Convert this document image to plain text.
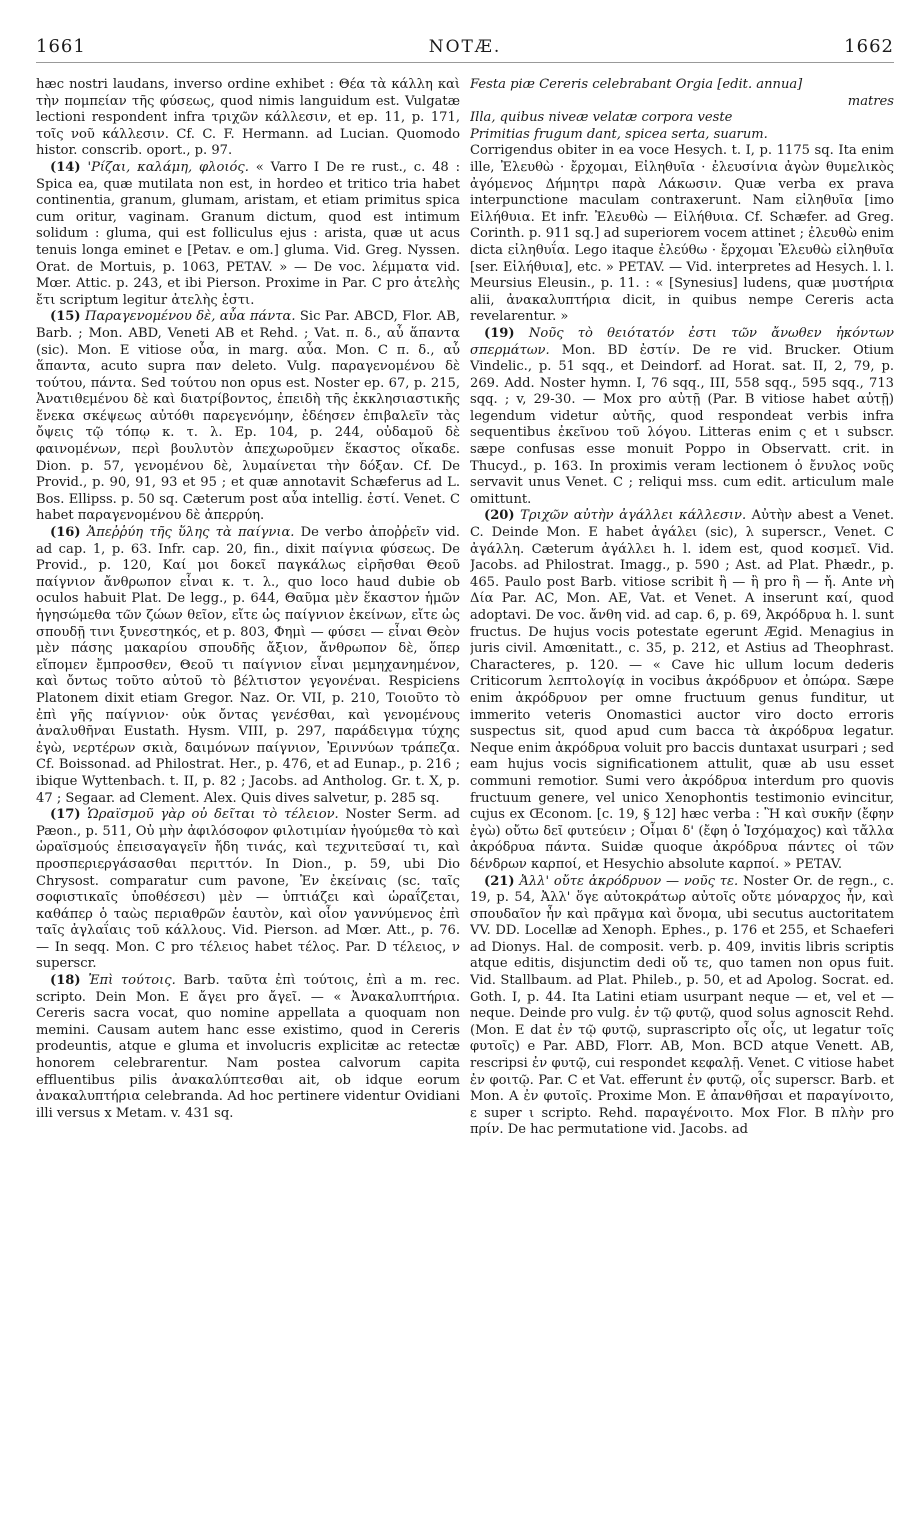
1661	NOTÆ.	1662

hæc nostri laudans, inverso ordine exhibet : Θέα τὰ κάλλη καὶ τὴν πομπείαν τῆς φύσεως, quod nimis languidum est. Vulgatæ lectioni respondent infra τριχῶν κάλλεσιν, et ep. 11, p. 171, τοῖς νοῦ κάλλεσιν. Cf. C. F. Hermann. ad Lucian. Quomodo histor. conscrib. oport., p. 97.

(14) 'Ρίζαι, καλάμη, φλοιός. « Varro I De re rust., c. 48 : Spica ea, quæ mutilata non est, in hordeo et tritico tria habet continentia, granum, glumam, aristam, et etiam primitus spica cum oritur, vaginam. Granum dictum, quod est intimum solidum : gluma, qui est folliculus ejus : arista, quæ ut acus tenuis longa eminet e [Petav. e om.] gluma. Vid. Greg. Nyssen. Orat. de Mortuis, p. 1063, PETAV. » — De voc. λέμματα vid. Mœr. Attic. p. 243, et ibi Pierson. Proxime in Par. C pro ἀτελὴς ἔτι scriptum legitur ἀτελὴς ἐστι.

(15) Παραγενομένου δὲ, αὖα πάντα. Sic Par. ABCD, Flor. AB, Barb. ; Mon. ABD, Veneti AB et Rehd. ; Vat. π. δ., αὖ ἅπαντα (sic). Mon. E vitiose οὖα, in marg. αὖα. Mon. C π. δ., αὖ ἅπαντα, acuto supra παν deleto. Vulg. παραγενομένου δὲ τούτου, πάντα. Sed τούτου non opus est. Noster ep. 67, p. 215, Ἀνατιθεμένου δὲ καὶ διατρίβοντος, ἐπειδὴ τῆς ἐκκλησιαστικῆς ἕνεκα σκέψεως αὐτόθι παρεγενόμην, ἐδέησεν ἐπιβαλεῖν τὰς ὄψεις τῷ τόπῳ κ. τ. λ. Ep. 104, p. 244, οὐδαμοῦ δὲ φαινομένων, περὶ βουλυτὸν ἀπεχωροῦμεν ἕκαστος οἴκαδε. Dion. p. 57, γενομένου δὲ, λυμαίνεται τὴν δόξαν. Cf. De Provid., p. 90, 91, 93 et 95 ; et quæ annotavit Schæferus ad L. Bos. Ellipss. p. 50 sq. Cæterum post αὖα intellig. ἐστί. Venet. C habet παραγενομένου δὲ ἀπερρύη.

(16) Ἀπεῤῥύη τῆς ὕλης τὰ παίγνια. De verbo ἀποῤῥεῖν vid. ad cap. 1, p. 63. Infr. cap. 20, fin., dixit παίγνια φύσεως. De Provid., p. 120, Καί μοι δοκεῖ παγκάλως εἰρῆσθαι Θεοῦ παίγνιον ἄνθρωπον εἶναι κ. τ. λ., quo loco haud dubie ob oculos habuit Plat. De legg., p. 644, Θαῦμα μὲν ἕκαστον ἡμῶν ἡγησώμεθα τῶν ζώων θεῖον, εἴτε ὡς παίγνιον ἐκείνων, εἴτε ὡς σπουδῇ τινι ξυνεστηκός, et p. 803, Φημὶ — φύσει — εἶναι Θεὸν μὲν πάσης μακαρίου σπουδῆς ἄξιον, ἄνθρωπον δὲ, ὅπερ εἴπομεν ἔμπροσθεν, Θεοῦ τι παίγνιον εἶναι μεμηχανημένον, καὶ ὄντως τοῦτο αὐτοῦ τὸ βέλτιστον γεγονέναι. Respiciens Platonem dixit etiam Gregor. Naz. Or. VII, p. 210, Τοιοῦτο τὸ ἐπὶ γῆς παίγνιον· οὐκ ὄντας γενέσθαι, καὶ γενομένους ἀναλυθῆναι Eustath. Hysm. VIII, p. 297, παράδειγμα τύχης ἐγὼ, νερτέρων σκιὰ, δαιμόνων παίγνιον, Ἐριννύων τράπεζα. Cf. Boissonad. ad Philostrat. Her., p. 476, et ad Eunap., p. 216 ; ibique Wyttenbach. t. II, p. 82 ; Jacobs. ad Antholog. Gr. t. X, p. 47 ; Segaar. ad Clement. Alex. Quis dives salvetur, p. 285 sq.

(17) Ὡραϊσμοῦ γὰρ οὐ δεῖται τὸ τέλειον. Noster Serm. ad Pæon., p. 511, Οὐ μὴν ἀφιλόσοφον φιλοτιμίαν ἡγούμεθα τὸ καὶ ὡραϊσμούς ἐπεισαγαγεῖν ἤδη τινάς, καὶ τεχνιτεῦσαί τι, καὶ προσπεριεργάσασθαι περιττόν. In Dion., p. 59, ubi Dio Chrysost. comparatur cum pavone, Ἐν ἐκείναις (sc. ταῖς σοφιστικαῖς ὑποθέσεσι) μὲν — ὑπτιάζει καὶ ὡραΐζεται, καθάπερ ὁ ταὼς περιαθρῶν ἑαυτὸν, καὶ οἷον γαννύμενος ἐπὶ ταῖς ἀγλαΐαις τοῦ κάλλους. Vid. Pierson. ad Mœr. Att., p. 76. — In seqq. Mon. C pro τέλειος habet τέλος. Par. D τέλειος, ν superscr.

(18) Ἐπὶ τούτοις. Barb. ταῦτα ἐπὶ τούτοις, ἐπὶ a m. rec. scripto. Dein Mon. E ἄγει pro ἄγεῖ. — « Ἀνακαλυπτήρια. Cereris sacra vocat, quo nomine appellata a quoquam non memini. Causam autem hanc esse existimo, quod in Cereris prodeuntis, atque e gluma et involucris explicitæ ac retectæ honorem celebrarentur. Nam postea calvorum capita effluentibus pilis ἀνακαλύπτεσθαι ait, ob idque eorum ἀνακαλυπτήρια celebranda. Ad hoc pertinere videntur Ovidiani illi versus x Metam. v. 431 sq.

Festa piæ Cereris celebrabant Orgia [edit. annua]

matres

Illa, quibus niveæ velatæ corpora veste

Primitias frugum dant, spicea serta, suarum.

Corrigendus obiter in ea voce Hesych. t. I, p. 1175 sq. Ita enim ille, Ἐλευθὼ · ἔρχομαι, Εἰληθυῖα · ἐλευσίνια ἀγὼν θυμελικὸς ἀγόμενος Δήμητρι παρὰ Λάκωσιν. Quæ verba ex prava interpunctione maculam contraxerunt. Nam εἰληθυῖα [imo Εἰλήθυια. Et infr. Ἐλευθὼ — Εἰλήθυια. Cf. Schæfer. ad Greg. Corinth. p. 911 sq.] ad superiorem vocem attinet ; ἐλευθὼ enim dicta εἰληθυΐα. Lego itaque ἐλεύθω · ἔρχομαι Ἐλευθὼ εἰληθυῖα [ser. Εἰλήθυια], etc. » PETAV. — Vid. interpretes ad Hesych. l. l. Meursius Eleusin., p. 11. : « [Synesius] ludens, quæ μυστήρια alii, ἀνακαλυπτήρια dicit, in quibus nempe Cereris acta revelarentur. »

(19) Νοῦς τὸ θειότατόν ἐστι τῶν ἄνωθεν ἡκόντων σπερμάτων. Mon. BD ἐστίν. De re vid. Brucker. Otium Vindelic., p. 51 sqq., et Deindorf. ad Horat. sat. II, 2, 79, p. 269. Add. Noster hymn. I, 76 sqq., III, 558 sqq., 595 sqq., 713 sqq. ; v, 29-30. — Mox pro αὐτῇ (Par. B vitiose habet αὐτῇ) legendum videtur αὐτῆς, quod respondeat verbis infra sequentibus ἐκεῖνου τοῦ λόγου. Litteras enim ς et ι subscr. sæpe confusas esse monuit Poppo in Observatt. crit. in Thucyd., p. 163. In proximis veram lectionem ὁ ἔνυλος νοῦς servavit unus Venet. C ; reliqui mss. cum edit. articulum male omittunt.

(20) Τριχῶν αὐτὴν ἀγάλλει κάλλεσιν. Αὐτὴν abest a Venet. C. Deinde Mon. E habet ἀγάλει (sic), λ superscr., Venet. C ἀγάλλη. Cæterum ἀγάλλει h. l. idem est, quod κοσμεῖ. Vid. Jacobs. ad Philostrat. Imagg., p. 590 ; Ast. ad Plat. Phædr., p. 465. Paulo post Barb. vitiose scribit ἢ — ἢ pro ἢ — ἤ. Ante νὴ Δία Par. AC, Mon. AE, Vat. et Venet. A inserunt καί, quod adoptavi. De voc. ἄνθη vid. ad cap. 6, p. 69, Ἀκρόδρυα h. l. sunt fructus. De hujus vocis potestate egerunt Ægid. Menagius in juris civil. Amœnitatt., c. 35, p. 212, et Astius ad Theophrast. Characteres, p. 120. — « Cave hic ullum locum dederis Criticorum λεπτολογίᾳ in vocibus ἀκρόδρυον et ὀπώρα. Sæpe enim ἀκρόδρυον per omne fructuum genus funditur, ut immerito veteris Onomastici auctor viro docto erroris suspectus sit, quod apud cum bacca τὰ ἀκρόδρυα legatur. Neque enim ἀκρόδρυα voluit pro baccis duntaxat usurpari ; sed eam hujus vocis significationem attulit, quæ ab usu esset communi remotior. Sumi vero ἀκρόδρυα interdum pro quovis fructuum genere, vel unico Xenophontis testimonio evincitur, cujus ex Œconom. [c. 19, § 12] hæc verba : Ἢ καὶ συκῆν (ἔφην ἐγὼ) οὔτω δεῖ φυτεύειν ; Οἶμαι δ' (ἔφη ὁ Ἰσχόμαχος) καὶ τἄλλα ἀκρόδρυα πάντα. Suidæ quoque ἀκρόδρυα πάντες οἱ τῶν δένδρων καρποί, et Hesychio absolute καρποί. » PETAV.

(21) Ἀλλ' οὔτε ἀκρόδρυον — νοῦς τε. Noster Or. de regn., c. 19, p. 54, Ἀλλ' ὅγε αὐτοκράτωρ αὐτοῖς οὔτε μόναρχος ἦν, καὶ σπουδαῖον ἦν καὶ πρᾶγμα καὶ ὄνομα, ubi secutus auctoritatem VV. DD. Locellæ ad Xenoph. Ephes., p. 176 et 255, et Schaeferi ad Dionys. Hal. de composit. verb. p. 409, invitis libris scriptis atque editis, disjunctim dedi οὔ τε, quo tamen non opus fuit. Vid. Stallbaum. ad Plat. Phileb., p. 50, et ad Apolog. Socrat. ed. Goth. I, p. 44. Ita Latini etiam usurpant neque — et, vel et — neque. Deinde pro vulg. ἐν τῷ φυτῷ, quod solus agnoscit Rehd. (Mon. E dat ἐν τῷ φυτῷ, suprascripto οἷς οἷς, ut legatur τοῖς φυτοῖς) e Par. ABD, Florr. AB, Mon. BCD atque Venett. AB, rescripsi ἐν φυτῷ, cui respondet κεφαλῇ. Venet. C vitiose habet ἐν φοιτῷ. Par. C et Vat. efferunt ἐν φυτῷ, οἷς superscr. Barb. et Mon. A ἐν φυτοῖς. Proxime Mon. E ἀπανθῆσαι et παραγίνοιτο, ε super ι scripto. Rehd. παραγένοιτο. Mox Flor. B πλὴν pro πρίν. De hac permutatione vid. Jacobs. ad
